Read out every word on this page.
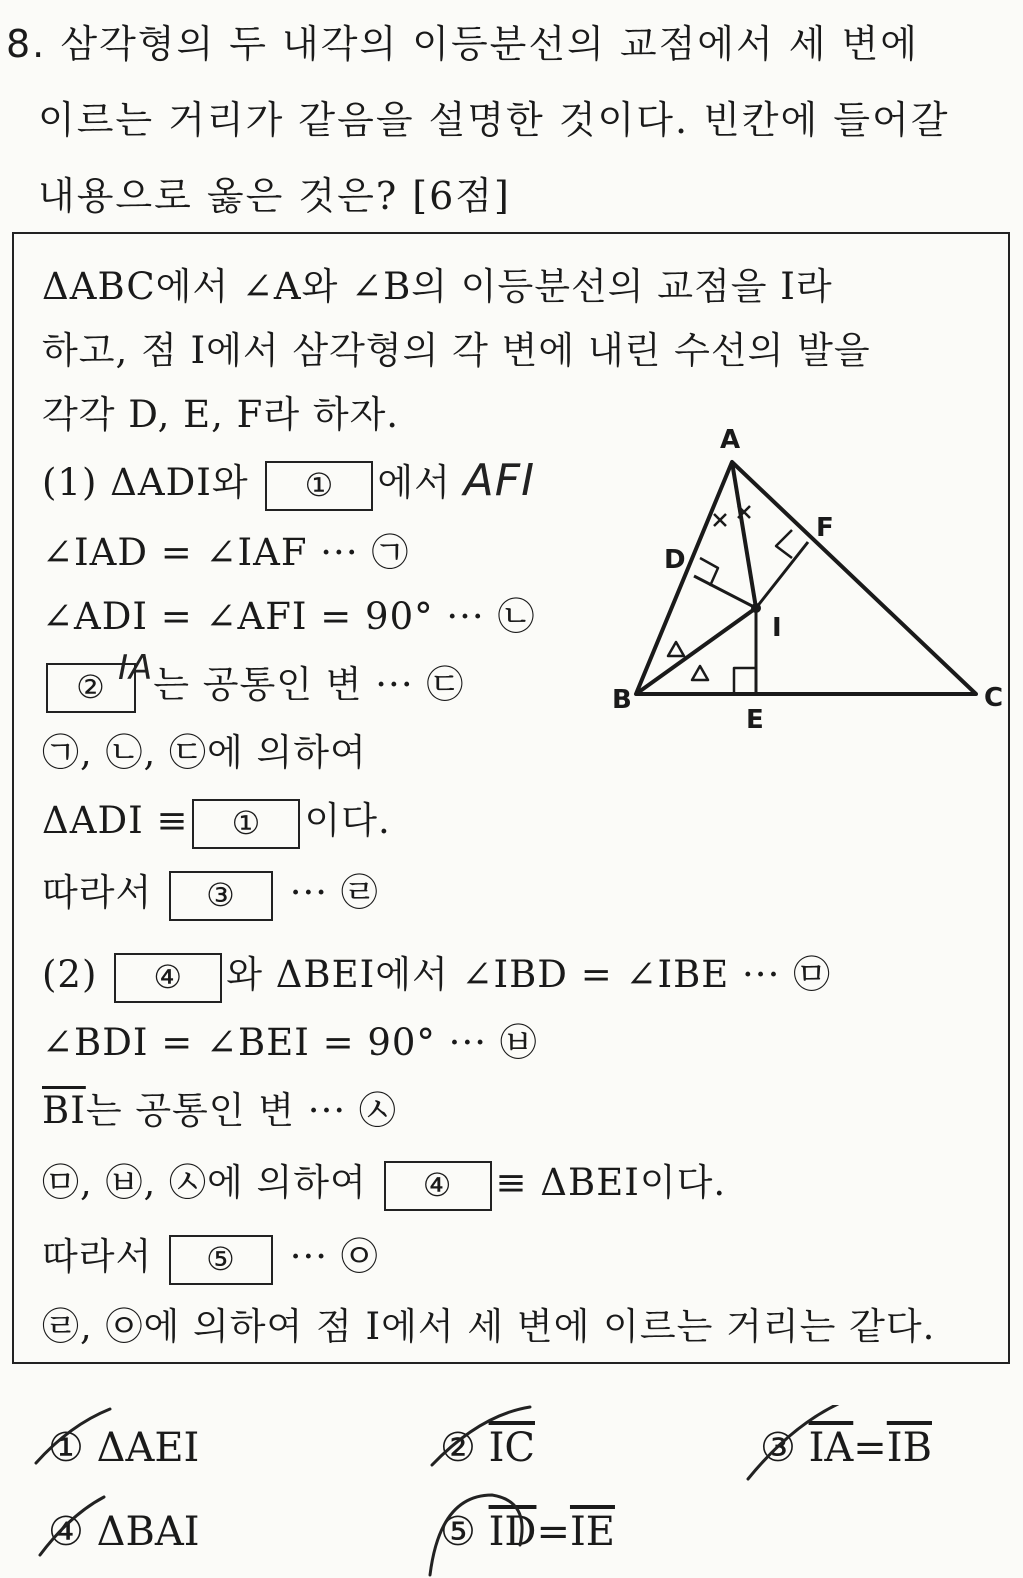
8. 삼각형의 두 내각의 이등분선의 교점에서 세 변에
이르는 거리가 같음을 설명한 것이다. 빈칸에 들어갈
내용으로 옳은 것은? [6점]
ΔABC에서 ∠A와 ∠B의 이등분선의 교점을 I라
하고, 점 I에서 삼각형의 각 변에 내린 수선의 발을
각각 D, E, F라 하자.
(1) ΔADI와 ① 에서 AFI
∠IAD = ∠IAF ··· ㉠
∠ADI = ∠AFI = 90° ··· ㉡
② IA는 공통인 변 ··· ㉢
㉠, ㉡, ㉢에 의하여
ΔADI ≡ ① 이다.
따라서 ③ ··· ㉣
(2) ④ 와 ΔBEI에서 ∠IBD = ∠IBE ··· ㉤
∠BDI = ∠BEI = 90° ··· ㉥
$\overline{BI}$는 공통인 변 ··· ㉦
㉤, ㉥, ㉦에 의하여 ④ ≡ ΔBEI이다.
따라서 ⑤ ··· ㉧
㉣, ㉧에 의하여 점 I에서 세 변에 이르는 거리는 같다.
A
B	C
D
E
F
I
① ΔAEI	② $\overline{IC}$	③ $\overline{IA}=\overline{IB}$
④ ΔBAI	⑤ $\overline{ID}=\overline{IE}$
